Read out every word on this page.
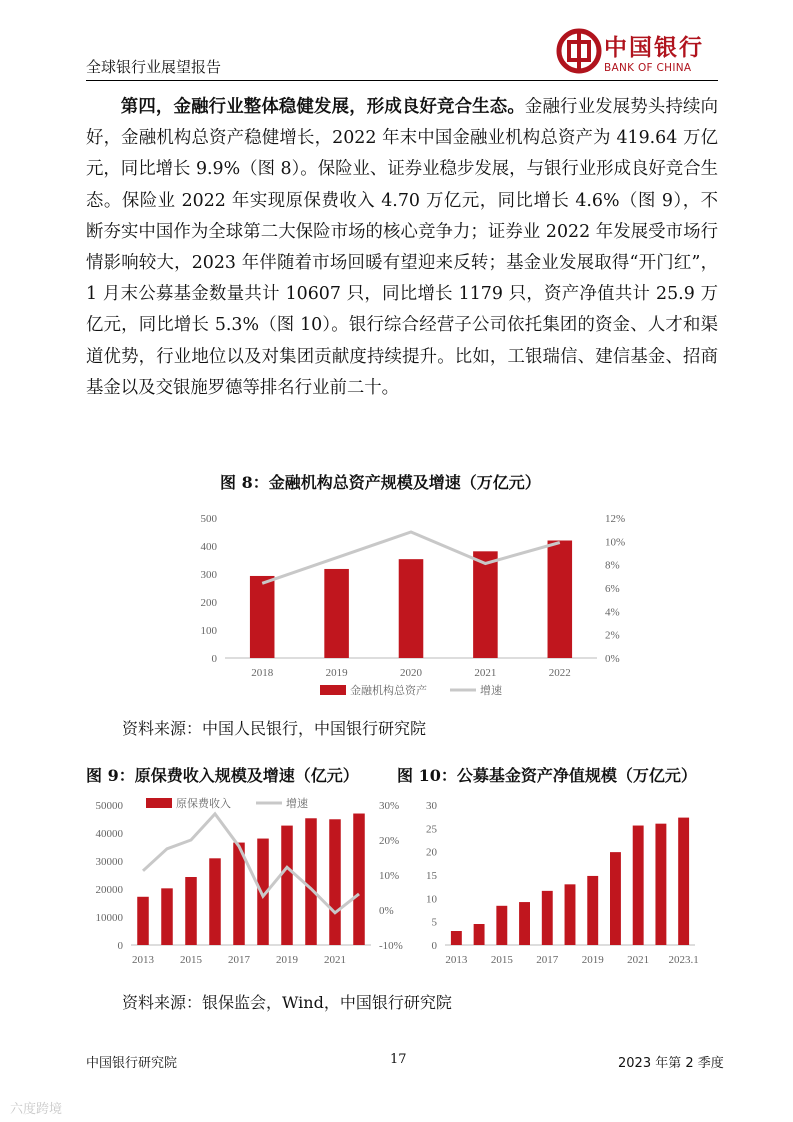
全球银行业展望报告
中国银行
BANK OF CHINA

第四，金融行业整体稳健发展，形成良好竞合生态。金融行业发展势头持续向好，金融机构总资产稳健增长，2022 年末中国金融业机构总资产为 419.64 万亿元，同比增长 9.9%（图 8）。保险业、证券业稳步发展，与银行业形成良好竞合生态。保险业 2022 年实现原保费收入 4.70 万亿元，同比增长 4.6%（图 9），不断夯实中国作为全球第二大保险市场的核心竞争力；证券业 2022 年发展受市场行情影响较大，2023 年伴随着市场回暖有望迎来反转；基金业发展取得“开门红”，1 月末公募基金数量共计 10607 只，同比增长 1179 只，资产净值共计 25.9 万亿元，同比增长 5.3%（图 10）。银行综合经营子公司依托集团的资金、人才和渠道优势，行业地位以及对集团贡献度持续提升。比如，工银瑞信、建信基金、招商基金以及交银施罗德等排名行业前二十。

图 8：金融机构总资产规模及增速（万亿元）
0
100
200
300
400
500
0%
2%
4%
6%
8%
10%
12%
2018	2019	2020	2021	2022
金融机构总资产	增速
资料来源：中国人民银行，中国银行研究院
图 9：原保费收入规模及增速（亿元） 图 10：公募基金资产净值规模（万亿元）
0
10000
20000
30000
40000
50000
-10%
0%
10%
20%
30%
2013 2015 2017 2019 2021
原保费收入	增速
0
5
10
15
20
25
30
2013 2015 2017 2019 2021 2023.1
资料来源：银保监会，Wind，中国银行研究院
中国银行研究院	17	2023 年第 2 季度
六度跨境
